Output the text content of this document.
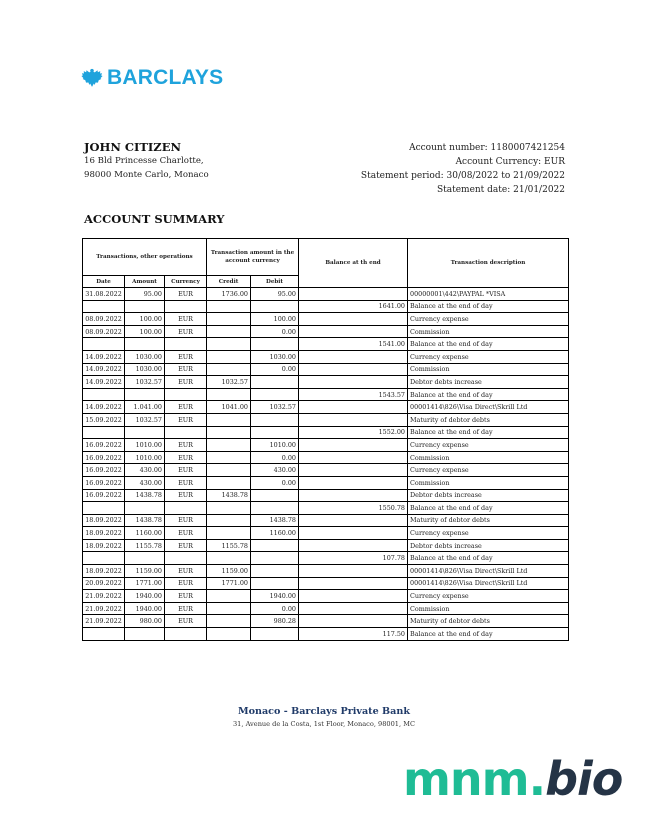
BARCLAYS
JOHN CITIZEN
16 Bld Princesse Charlotte,
98000 Monte Carlo, Monaco
Account number: 1180007421254
Account Currency: EUR
Statement period: 30/08/2022 to 21/09/2022
Statement date: 21/01/2022
ACCOUNT SUMMARY
Transactions, other operations			Transaction amount in the account currency		Balance at th end	Transaction description
Date	Amount	Currency	Credit	Debit		
31.08.2022	95.00	EUR	1736.00	95.00		00000001\442\PAYPAL *VISA
					1641.00	Balance at the end of day
08.09.2022	100.00	EUR		100.00		Currency expense
08.09.2022	100.00	EUR		0.00		Commission
					1541.00	Balance at the end of day
14.09.2022	1030.00	EUR		1030.00		Currency expense
14.09.2022	1030.00	EUR		0.00		Commission
14.09.2022	1032.57	EUR	1032.57			Debtor debts increase
					1543.57	Balance at the end of day
14.09.2022	1.041.00	EUR	1041.00	1032.57		00001414\826\Visa Direct\Skrill Ltd
15.09.2022	1032.57	EUR				Maturity of debtor debts
					1552.00	Balance at the end of day
16.09.2022	1010.00	EUR		1010.00		Currency expense
16.09.2022	1010.00	EUR		0.00		Commission
16.09.2022	430.00	EUR		430.00		Currency expense
16.09.2022	430.00	EUR		0.00		Commission
16.09.2022	1438.78	EUR	1438.78			Debtor debts increase
					1550.78	Balance at the end of day
18.09.2022	1438.78	EUR		1438.78		Maturity of debtor debts
18.09.2022	1160.00	EUR		1160.00		Currency expense
18.09.2022	1155.78	EUR	1155.78			Debtor debts increase
					107.78	Balance at the end of day
18.09.2022	1159.00	EUR	1159.00			00001414\826\Visa Direct\Skrill Ltd
20.09.2022	1771.00	EUR	1771.00			00001414\826\Visa Direct\Skrill Ltd
21.09.2022	1940.00	EUR		1940.00		Currency expense
21.09.2022	1940.00	EUR		0.00		Commission
21.09.2022	980.00	EUR		980.28		Maturity of debtor debts
					117.50	Balance at the end of day
Monaco - Barclays Private Bank
31, Avenue de la Costa, 1st Floor, Monaco, 98001, MC
mnm.bio
